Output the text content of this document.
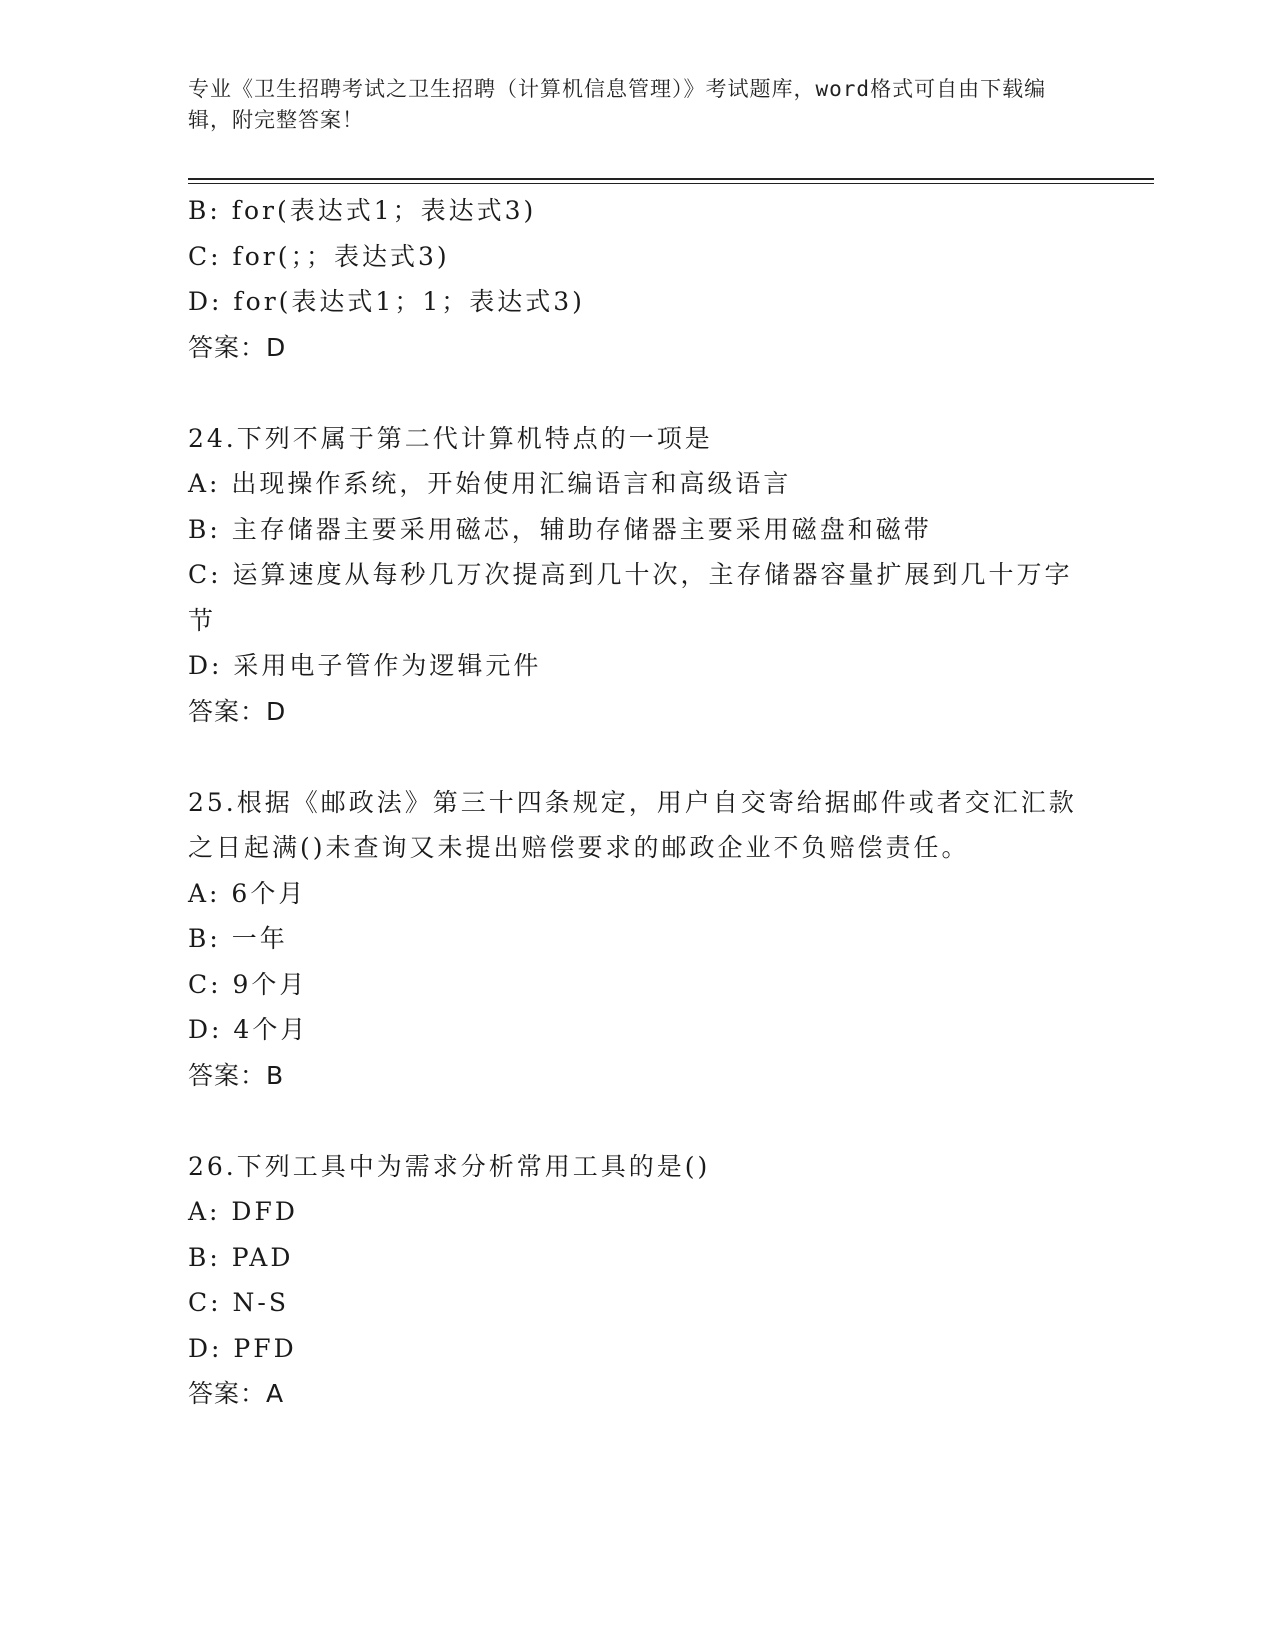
专业《卫生招聘考试之卫生招聘（计算机信息管理）》考试题库，word格式可自由下载编辑，附完整答案！
B: for(表达式1；表达式3)
C: for(；；表达式3)
D: for(表达式1；1；表达式3)
答案：D
24.下列不属于第二代计算机特点的一项是
A: 出现操作系统，开始使用汇编语言和高级语言
B: 主存储器主要采用磁芯，辅助存储器主要采用磁盘和磁带
C: 运算速度从每秒几万次提高到几十次，主存储器容量扩展到几十万字节
D: 采用电子管作为逻辑元件
答案：D
25.根据《邮政法》第三十四条规定，用户自交寄给据邮件或者交汇汇款之日起满()未查询又未提出赔偿要求的邮政企业不负赔偿责任。
A: 6个月
B: 一年
C: 9个月
D: 4个月
答案：B
26.下列工具中为需求分析常用工具的是()
A: DFD
B: PAD
C: N-S
D: PFD
答案：A
